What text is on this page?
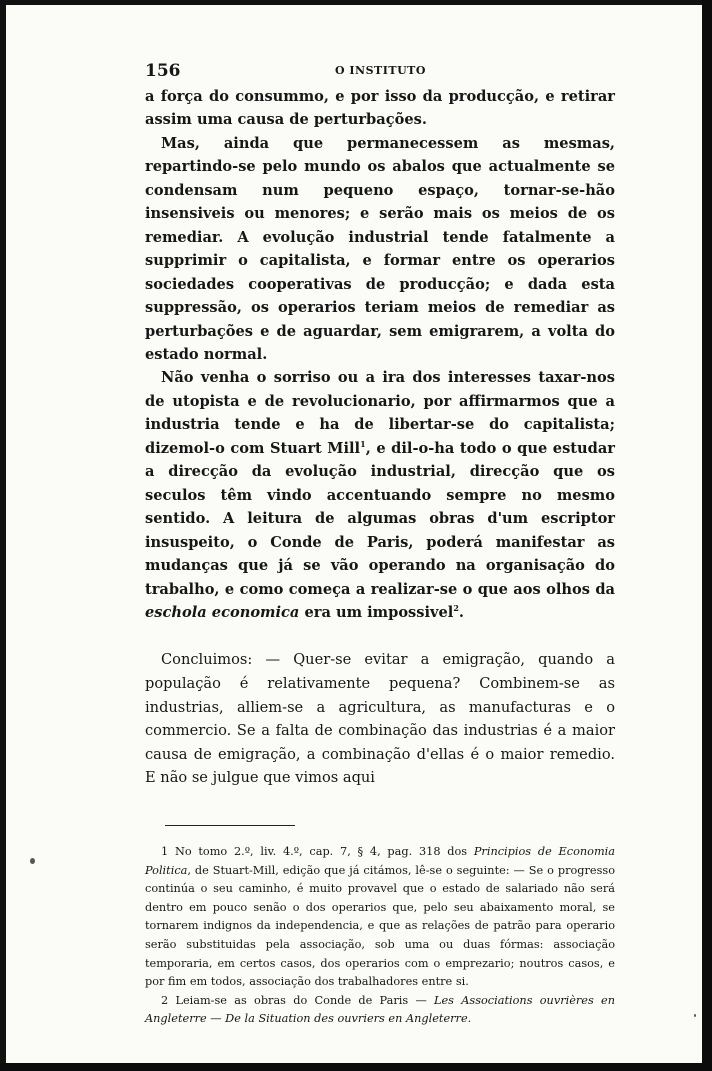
156	O INSTITUTO

a força do consummo, e por isso da producção, e retirar assim uma causa de perturbações.

Mas, ainda que permanecessem as mesmas, repartindo-se pelo mundo os abalos que actualmente se condensam num pequeno espaço, tornar-se-hão insensiveis ou menores; e serão mais os meios de os remediar. A evolução industrial tende fatalmente a supprimir o capitalista, e formar entre os operarios sociedades cooperativas de producção; e dada esta suppressão, os operarios teriam meios de remediar as perturbações e de aguardar, sem emigrarem, a volta do estado normal.

Não venha o sorriso ou a ira dos interesses taxar-nos de utopista e de revolucionario, por affirmarmos que a industria tende e ha de libertar-se do capitalista; dizemol-o com Stuart Mill$^1$, e dil-o-ha todo o que estudar a direcção da evolução industrial, direcção que os seculos têm vindo accentuando sempre no mesmo sentido. A leitura de algumas obras d'um escriptor insuspeito, o Conde de Paris, poderá manifestar as mudanças que já se vão operando na organisação do trabalho, e como começa a realizar-se o que aos olhos da escholа economica era um impossivel$^2$.

Concluimos: — Quer-se evitar a emigração, quando a população é relativamente pequena? Combinem-se as industrias, alliem-se a agricultura, as manufacturas e o commercio. Se a falta de combinação das industrias é a maior causa de emigração, a combinação d'ellas é o maior remedio. E não se julgue que vimos aqui

1 No tomo 2.º, liv. 4.º, cap. 7, § 4, pag. 318 dos Principios de Economia Politica, de Stuart-Mill, edição que já citámos, lê-se o seguinte: — Se o progresso continúa o seu caminho, é muito provavel que o estado de salariado não será dentro em pouco senão o dos operarios que, pelo seu abaixamento moral, se tornarem indignos da independencia, e que as relações de patrão para operario serão substituidas pela associação, sob uma ou duas fórmas: associação temporaria, em certos casos, dos operarios com o emprezario; noutros casos, e por fim em todos, associação dos trabalhadores entre si.

2 Leiam-se as obras do Conde de Paris — Les Associations ouvrières en Angleterre — De la Situation des ouvriers en Angleterre.
